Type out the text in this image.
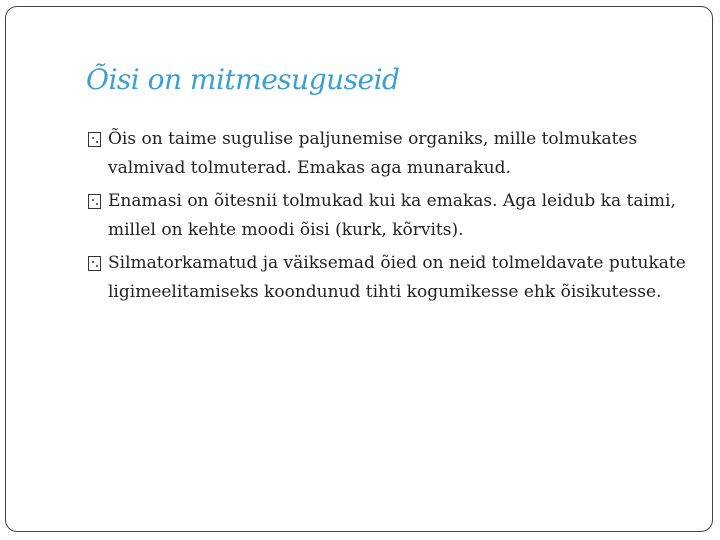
Õisi on mitmesuguseid
Õis on taime sugulise paljunemise organiks, mille tolmukates valmivad tolmuterad. Emakas aga munarakud.
Enamasi on õitesnii tolmukad kui ka emakas. Aga leidub ka taimi, millel on kehte moodi õisi (kurk, kõrvits).
Silmatorkamatud ja väiksemad õied on neid tolmeldavate putukate ligimeelitamiseks koondunud tihti kogumikesse ehk õisikutesse.
